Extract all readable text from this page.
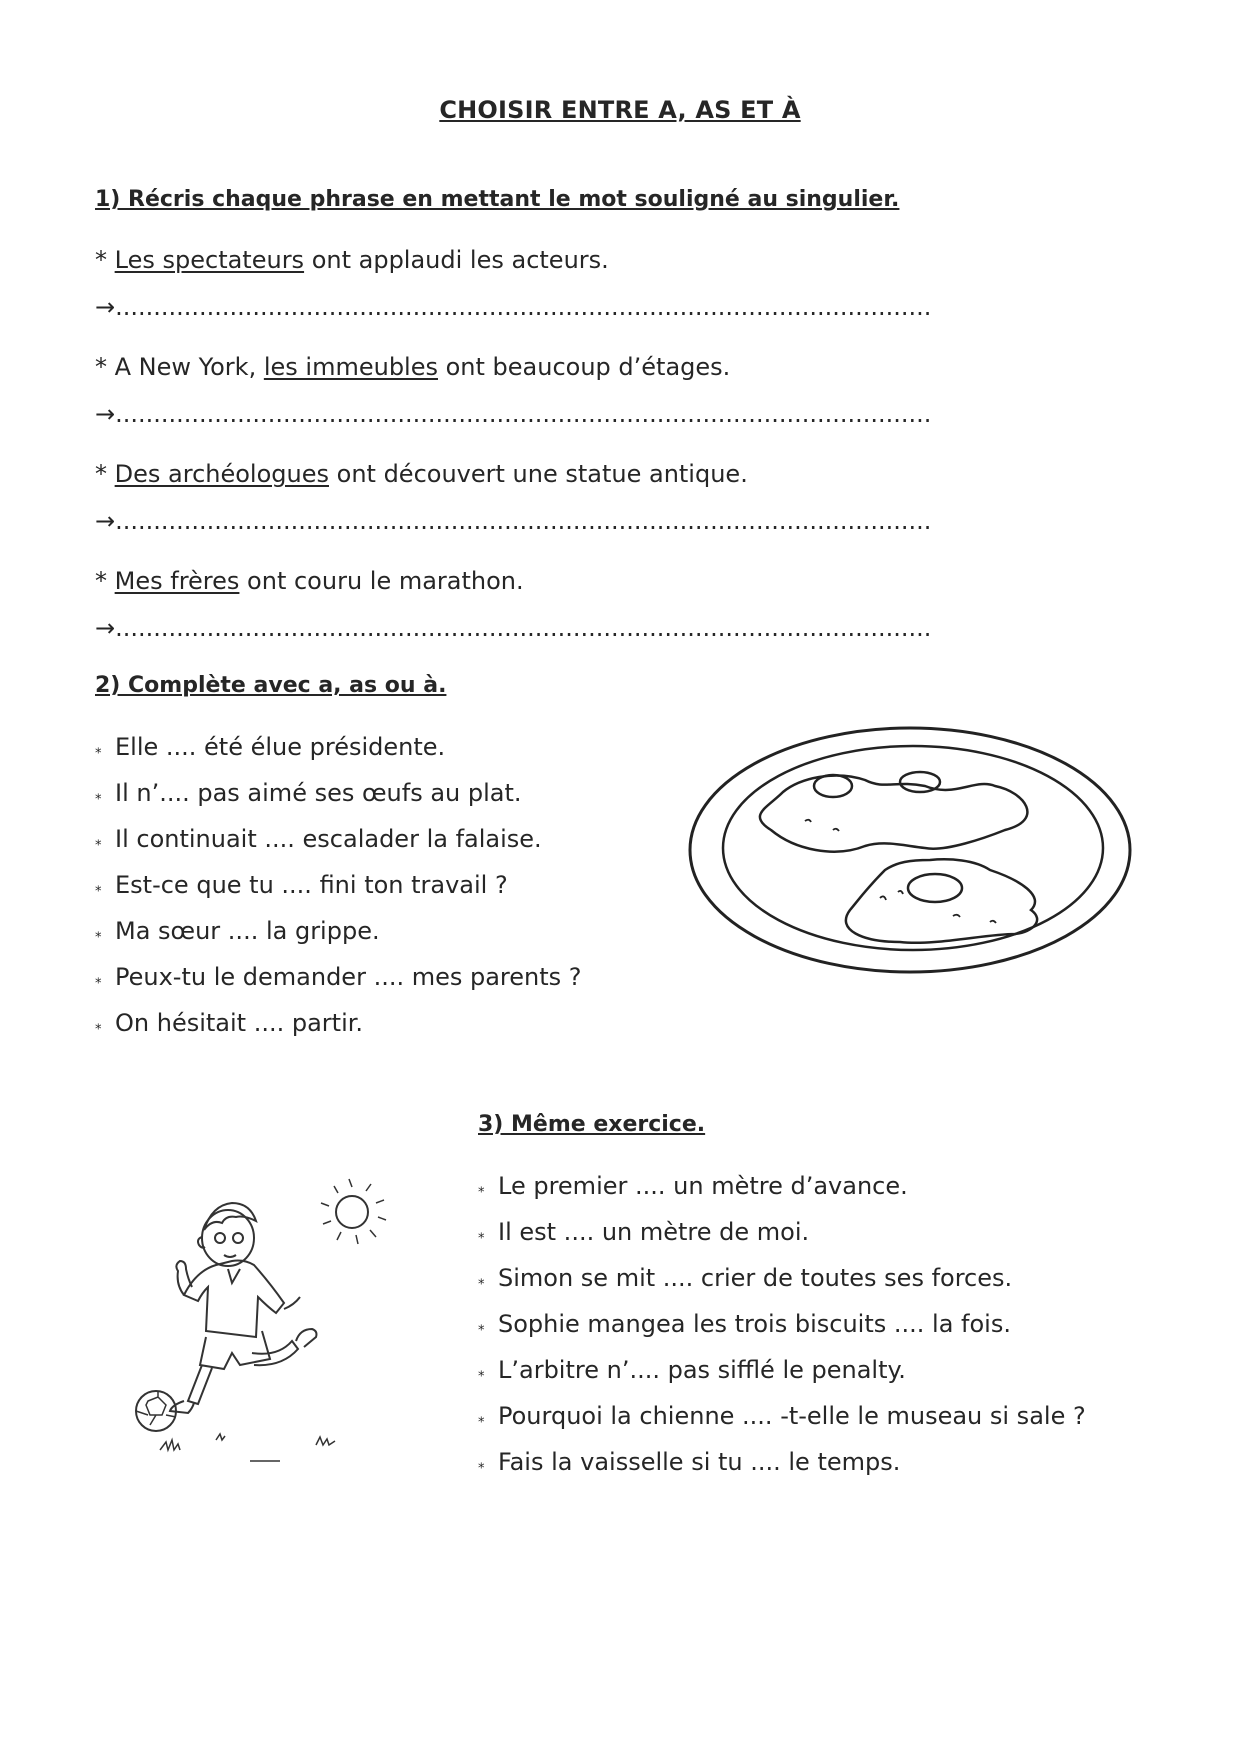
CHOISIR ENTRE A, AS ET À
1) Récris chaque phrase en mettant le mot souligné au singulier.
* Les spectateurs ont applaudi les acteurs.
→...........................................................................................................
* A New York, les immeubles ont beaucoup d’étages.
→...........................................................................................................
* Des archéologues ont découvert une statue antique.
→...........................................................................................................
* Mes frères ont couru le marathon.
→...........................................................................................................
2) Complète avec a, as ou à.
⁎ Elle .... été élue présidente.
⁎ Il n’.... pas aimé ses œufs au plat.
⁎ Il continuait .... escalader la falaise.
⁎ Est-ce que tu .... fini ton travail ?
⁎ Ma sœur .... la grippe.
⁎ Peux-tu le demander .... mes parents ?
⁎ On hésitait .... partir.
3) Même exercice.
⁎ Le premier .... un mètre d’avance.
⁎ Il est .... un mètre de moi.
⁎ Simon se mit .... crier de toutes ses forces.
⁎ Sophie mangea les trois biscuits .... la fois.
⁎ L’arbitre n’.... pas sifflé le penalty.
⁎ Pourquoi la chienne .... -t-elle le museau si sale ?
⁎ Fais la vaisselle si tu .... le temps.
